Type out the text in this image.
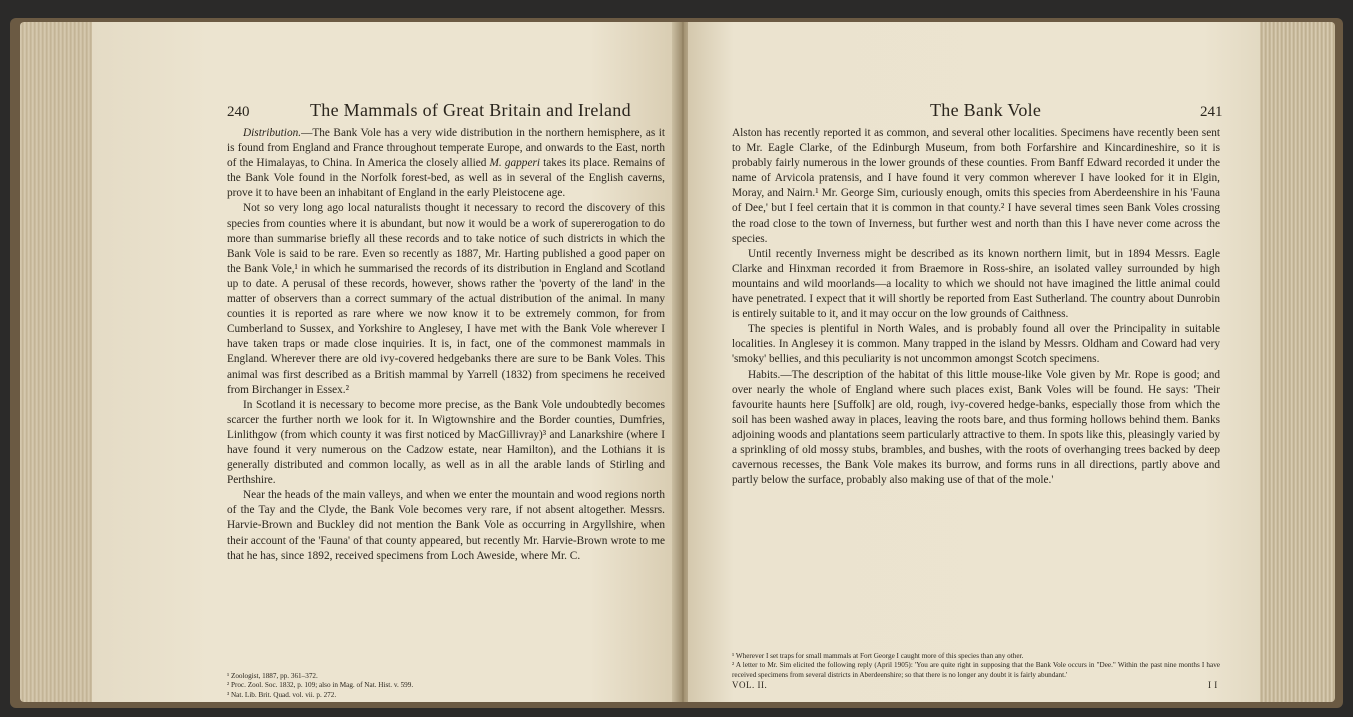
240	The Mammals of Great Britain and Ireland

Distribution.—The Bank Vole has a very wide distribution in the northern hemisphere, as it is found from England and France throughout temperate Europe, and onwards to the East, north of the Himalayas, to China. In America the closely allied M. gapperi takes its place. Remains of the Bank Vole found in the Norfolk forest-bed, as well as in several of the English caverns, prove it to have been an inhabitant of England in the early Pleistocene age.

Not so very long ago local naturalists thought it necessary to record the discovery of this species from counties where it is abundant, but now it would be a work of supererogation to do more than summarise briefly all these records and to take notice of such districts in which the Bank Vole is said to be rare. Even so recently as 1887, Mr. Harting published a good paper on the Bank Vole,¹ in which he summarised the records of its distribution in England and Scotland up to date. A perusal of these records, however, shows rather the 'poverty of the land' in the matter of observers than a correct summary of the actual distribution of the animal. In many counties it is reported as rare where we now know it to be extremely common, for from Cumberland to Sussex, and Yorkshire to Anglesey, I have met with the Bank Vole wherever I have taken traps or made close inquiries. It is, in fact, one of the commonest mammals in England. Wherever there are old ivy-covered hedgebanks there are sure to be Bank Voles. This animal was first described as a British mammal by Yarrell (1832) from specimens he received from Birchanger in Essex.²

In Scotland it is necessary to become more precise, as the Bank Vole undoubtedly becomes scarcer the further north we look for it. In Wigtownshire and the Border counties, Dumfries, Linlithgow (from which county it was first noticed by MacGillivray)³ and Lanarkshire (where I have found it very numerous on the Cadzow estate, near Hamilton), and the Lothians it is generally distributed and common locally, as well as in all the arable lands of Stirling and Perthshire.

Near the heads of the main valleys, and when we enter the mountain and wood regions north of the Tay and the Clyde, the Bank Vole becomes very rare, if not absent altogether. Messrs. Harvie-Brown and Buckley did not mention the Bank Vole as occurring in Argyllshire, when their account of the 'Fauna' of that county appeared, but recently Mr. Harvie-Brown wrote to me that he has, since 1892, received specimens from Loch Aweside, where Mr. C.

¹ Zoologist, 1887, pp. 361–372.

² Proc. Zool. Soc. 1832, p. 109; also in Mag. of Nat. Hist. v. 599.

³ Nat. Lib. Brit. Quad. vol. vii. p. 272.

The Bank Vole	241

Alston has recently reported it as common, and several other localities. Specimens have recently been sent to Mr. Eagle Clarke, of the Edinburgh Museum, from both Forfarshire and Kincardineshire, so it is probably fairly numerous in the lower grounds of these counties. From Banff Edward recorded it under the name of Arvicola pratensis, and I have found it very common wherever I have looked for it in Elgin, Moray, and Nairn.¹ Mr. George Sim, curiously enough, omits this species from Aberdeenshire in his 'Fauna of Dee,' but I feel certain that it is common in that county.² I have several times seen Bank Voles crossing the road close to the town of Inverness, but further west and north than this I have never come across the species.

Until recently Inverness might be described as its known northern limit, but in 1894 Messrs. Eagle Clarke and Hinxman recorded it from Braemore in Ross-shire, an isolated valley surrounded by high mountains and wild moorlands—a locality to which we should not have imagined the little animal could have penetrated. I expect that it will shortly be reported from East Sutherland. The country about Dunrobin is entirely suitable to it, and it may occur on the low grounds of Caithness.

The species is plentiful in North Wales, and is probably found all over the Principality in suitable localities. In Anglesey it is common. Many trapped in the island by Messrs. Oldham and Coward had very 'smoky' bellies, and this peculiarity is not uncommon amongst Scotch specimens.

Habits.—The description of the habitat of this little mouse-like Vole given by Mr. Rope is good; and over nearly the whole of England where such places exist, Bank Voles will be found. He says: 'Their favourite haunts here [Suffolk] are old, rough, ivy-covered hedge-banks, especially those from which the soil has been washed away in places, leaving the roots bare, and thus forming hollows behind them. Banks adjoining woods and plantations seem particularly attractive to them. In spots like this, pleasingly varied by a sprinkling of old mossy stubs, brambles, and bushes, with the roots of overhanging trees backed by deep cavernous recesses, the Bank Vole makes its burrow, and forms runs in all directions, partly above and partly below the surface, probably also making use of that of the mole.'

¹ Wherever I set traps for small mammals at Fort George I caught more of this species than any other.

² A letter to Mr. Sim elicited the following reply (April 1905): 'You are quite right in supposing that the Bank Vole occurs in "Dee." Within the past nine months I have received specimens from several districts in Aberdeenshire; so that there is no longer any doubt it is fairly abundant.'

VOL. II.	I I
